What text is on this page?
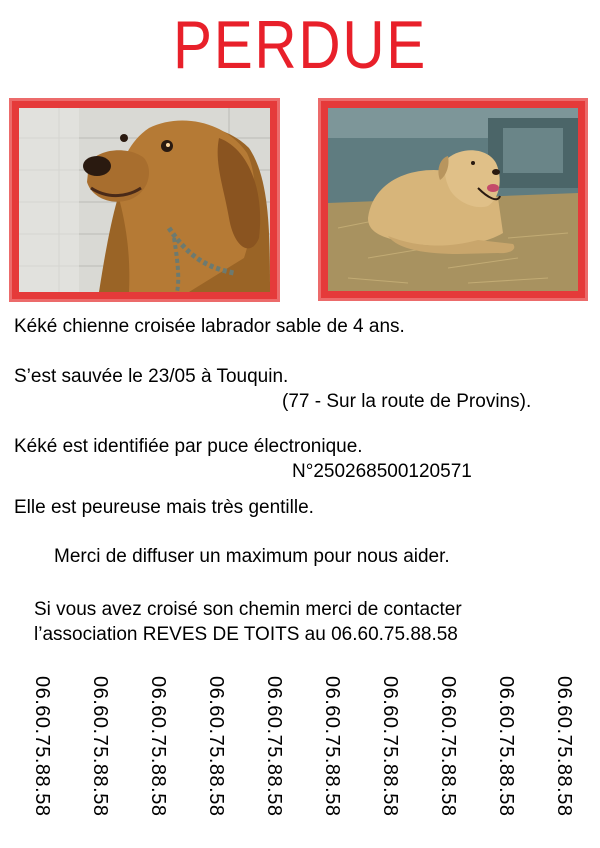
PERDUE
Kéké chienne croisée labrador sable de 4 ans.
S’est sauvée le 23/05 à Touquin.
(77 - Sur la route de Provins).
Kéké est identifiée par puce électronique.
N°250268500120571
Elle est peureuse mais très gentille.
Merci de diffuser un maximum pour nous aider.
Si vous avez croisé son chemin merci de contacter
l’association REVES DE TOITS au 06.60.75.88.58
06.60.75.88.58 06.60.75.88.58 06.60.75.88.58 06.60.75.88.58 06.60.75.88.58 06.60.75.88.58 06.60.75.88.58 06.60.75.88.58 06.60.75.88.58 06.60.75.88.58
